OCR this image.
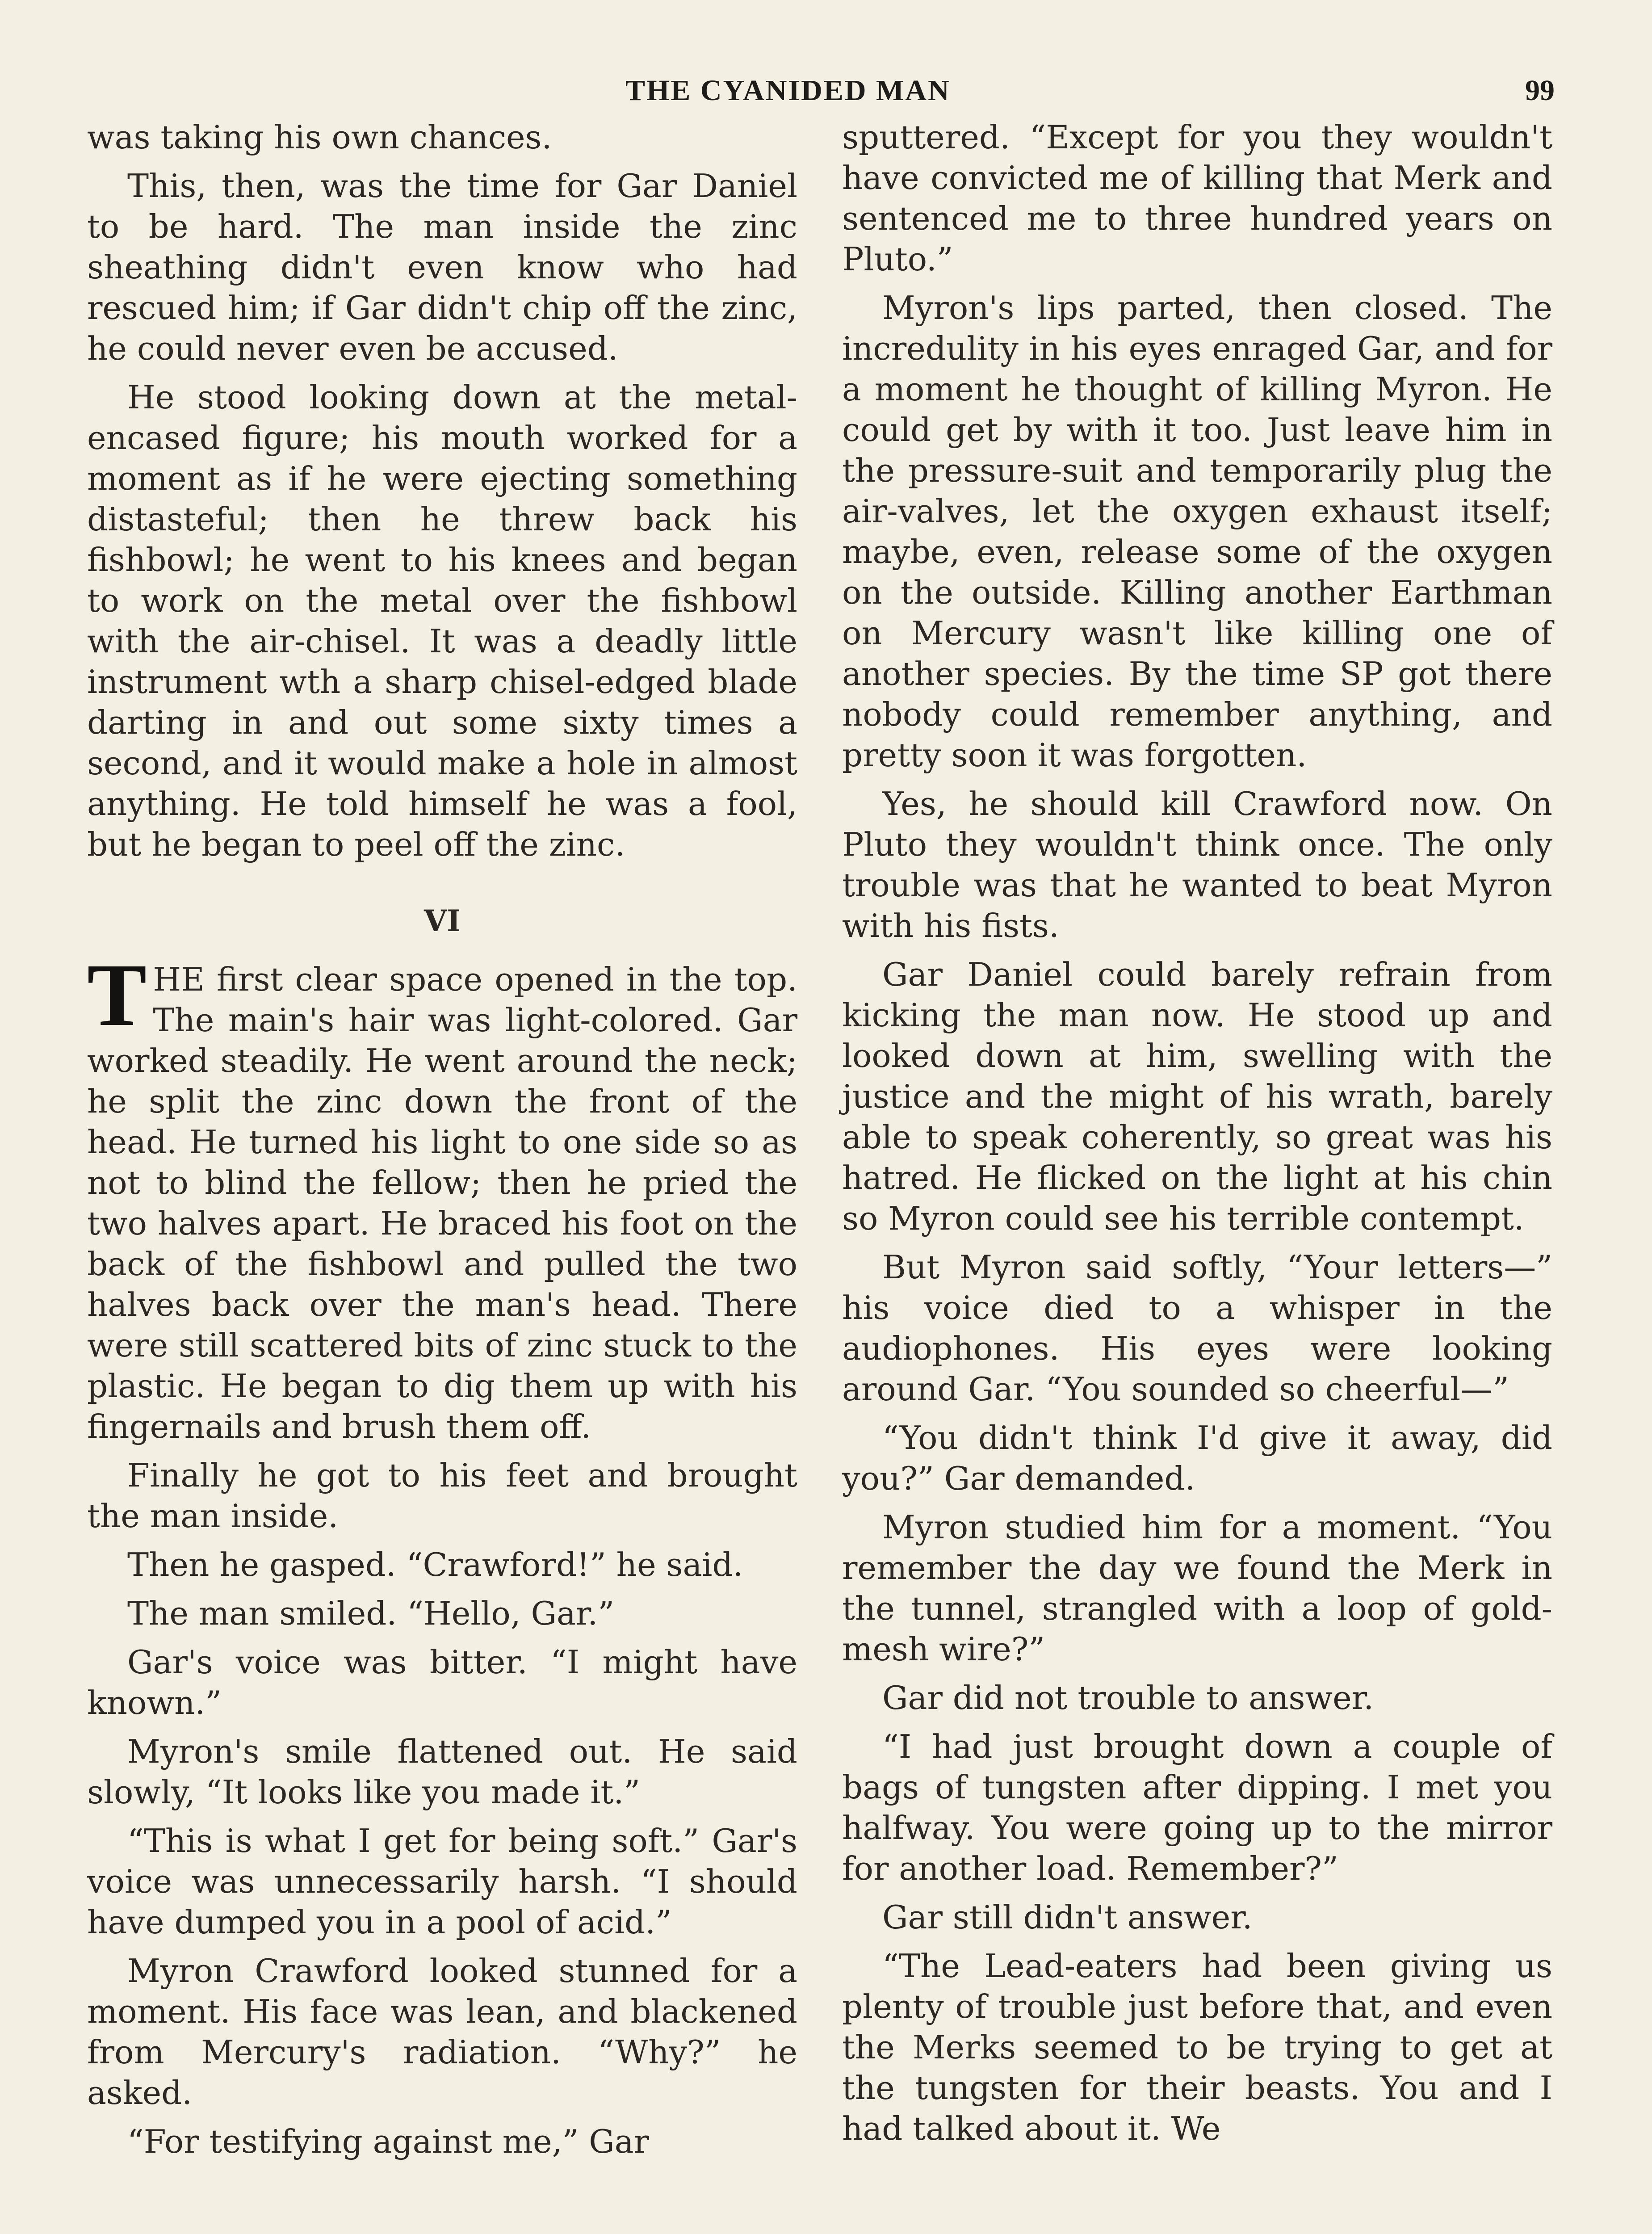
THE CYANIDED MAN	99

was taking his own chances.

This, then, was the time for Gar Daniel to be hard. The man inside the zinc sheathing didn't even know who had rescued him; if Gar didn't chip off the zinc, he could never even be accused.

He stood looking down at the metal-encased figure; his mouth worked for a moment as if he were ejecting something distasteful; then he threw back his fishbowl; he went to his knees and began to work on the metal over the fishbowl with the air-chisel. It was a deadly little instrument wth a sharp chisel-edged blade darting in and out some sixty times a second, and it would make a hole in almost anything. He told himself he was a fool, but he began to peel off the zinc.

VI

THE first clear space opened in the top. The main's hair was light-colored. Gar worked steadily. He went around the neck; he split the zinc down the front of the head. He turned his light to one side so as not to blind the fellow; then he pried the two halves apart. He braced his foot on the back of the fishbowl and pulled the two halves back over the man's head. There were still scattered bits of zinc stuck to the plastic. He began to dig them up with his fingernails and brush them off.

Finally he got to his feet and brought the man inside.

Then he gasped. “Crawford!” he said.

The man smiled. “Hello, Gar.”

Gar's voice was bitter. “I might have known.”

Myron's smile flattened out. He said slowly, “It looks like you made it.”

“This is what I get for being soft.” Gar's voice was unnecessarily harsh. “I should have dumped you in a pool of acid.”

Myron Crawford looked stunned for a moment. His face was lean, and blackened from Mercury's radiation. “Why?” he asked.

“For testifying against me,” Gar

sputtered. “Except for you they wouldn't have convicted me of killing that Merk and sentenced me to three hundred years on Pluto.”

Myron's lips parted, then closed. The incredulity in his eyes enraged Gar, and for a moment he thought of killing Myron. He could get by with it too. Just leave him in the pressure-suit and temporarily plug the air-valves, let the oxygen exhaust itself; maybe, even, release some of the oxygen on the outside. Killing another Earthman on Mercury wasn't like killing one of another species. By the time SP got there nobody could remember anything, and pretty soon it was forgotten.

Yes, he should kill Crawford now. On Pluto they wouldn't think once. The only trouble was that he wanted to beat Myron with his fists.

Gar Daniel could barely refrain from kicking the man now. He stood up and looked down at him, swelling with the justice and the might of his wrath, barely able to speak coherently, so great was his hatred. He flicked on the light at his chin so Myron could see his terrible contempt.

But Myron said softly, “Your letters—” his voice died to a whisper in the audiophones. His eyes were looking around Gar. “You sounded so cheerful—”

“You didn't think I'd give it away, did you?” Gar demanded.

Myron studied him for a moment. “You remember the day we found the Merk in the tunnel, strangled with a loop of gold-mesh wire?”

Gar did not trouble to answer.

“I had just brought down a couple of bags of tungsten after dipping. I met you halfway. You were going up to the mirror for another load. Remember?”

Gar still didn't answer.

“The Lead-eaters had been giving us plenty of trouble just before that, and even the Merks seemed to be trying to get at the tungsten for their beasts. You and I had talked about it. We
